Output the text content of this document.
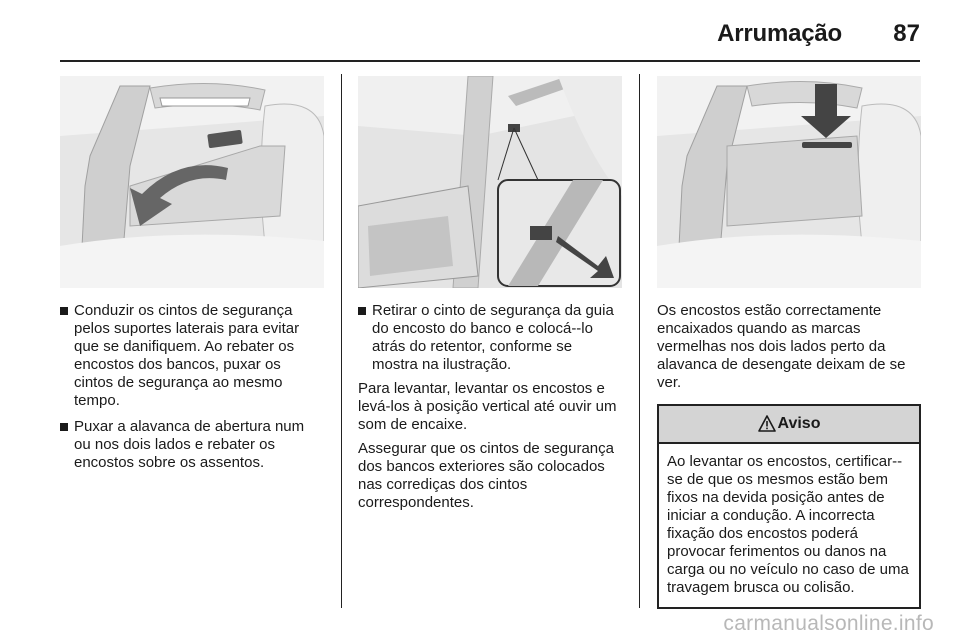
Arrumação 87
Conduzir os cintos de segurança pelos suportes laterais para evitar que se danifiquem. Ao rebater os encostos dos bancos, puxar os cintos de segurança ao mesmo tempo.
Puxar a alavanca de abertura num ou nos dois lados e rebater os encostos sobre os assentos.
Retirar o cinto de segurança da guia do encosto do banco e colocá--lo atrás do retentor, conforme se mostra na ilustração.

Para levantar, levantar os encostos e levá-los à posição vertical até ouvir um som de encaixe.

Assegurar que os cintos de segurança dos bancos exteriores são colocados nas corrediças dos cintos correspondentes.

Os encostos estão correctamente encaixados quando as marcas vermelhas nos dois lados perto da alavanca de desengate deixam de se ver.

Aviso
Ao levantar os encostos, certificar--se de que os mesmos estão bem fixos na devida posição antes de iniciar a condução. A incorrecta fixação dos encostos poderá provocar ferimentos ou danos na carga ou no veículo no caso de uma travagem brusca ou colisão.
carmanualsonline.info
